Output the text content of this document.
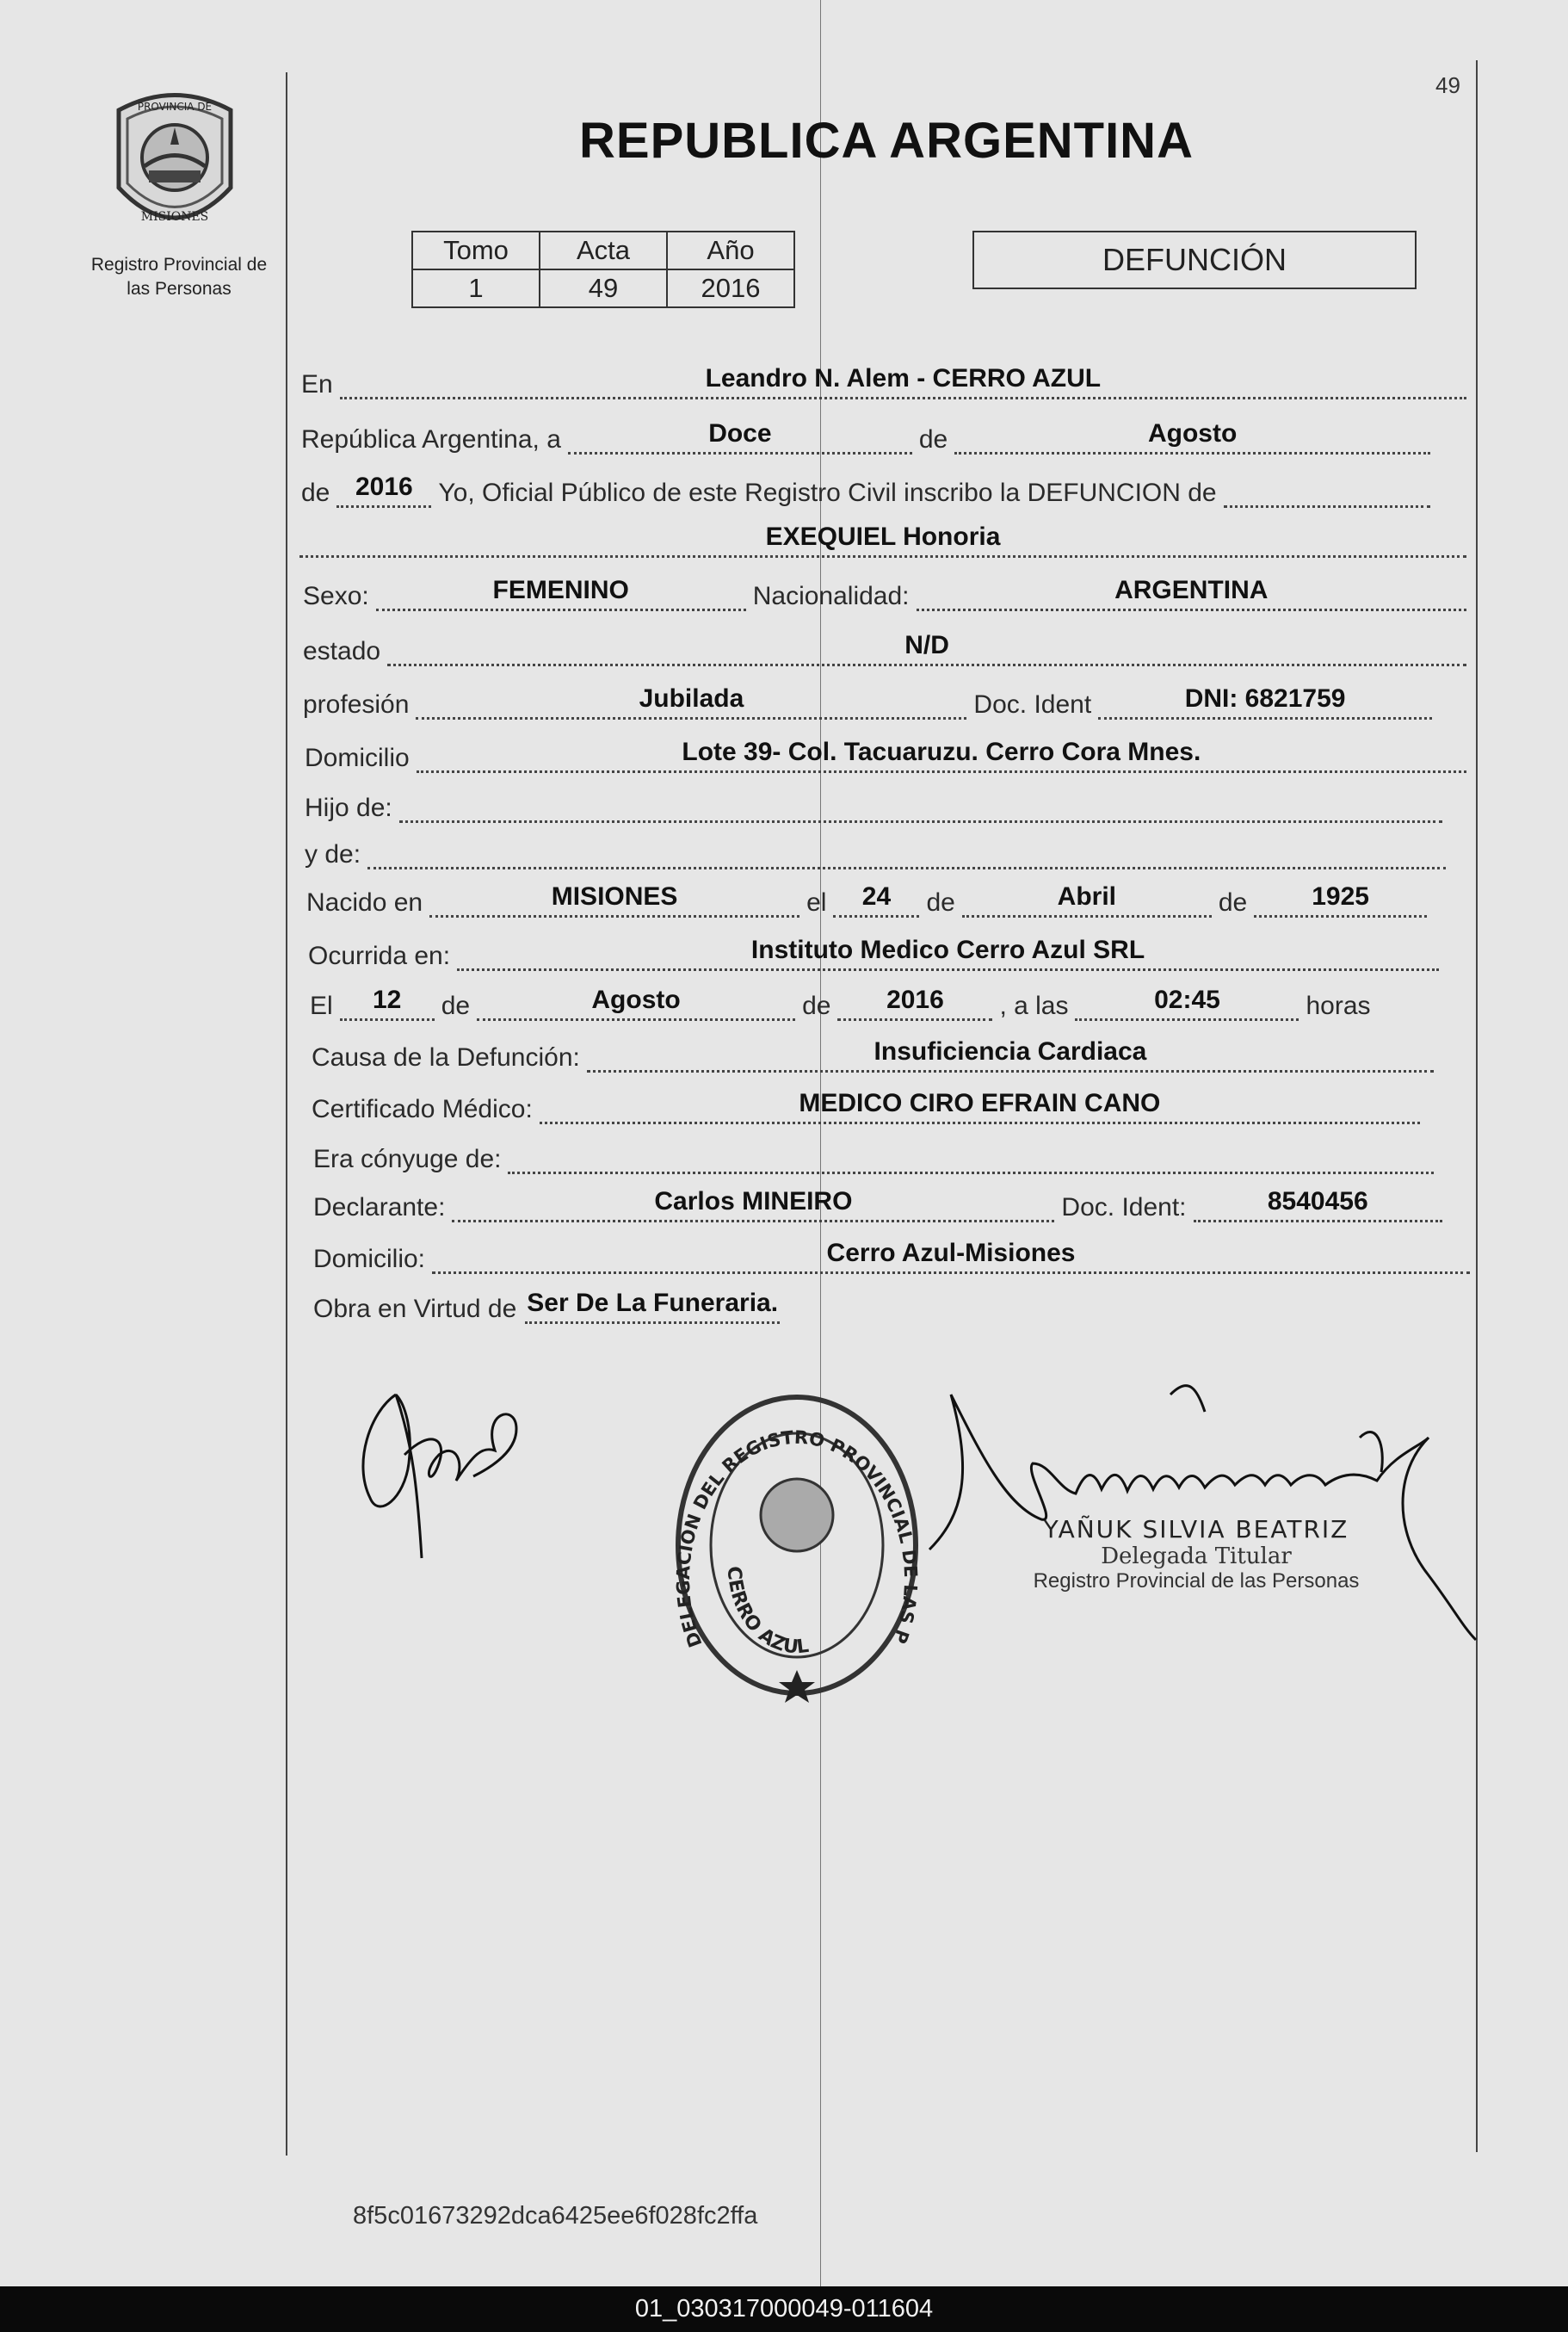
49
PROVINCIA DE
MISIONES
Registro Provincial de
las Personas
REPUBLICA ARGENTINA
Tomo	Acta	Año
1	49	2016
DEFUNCIÓN
En	Leandro N. Alem - CERRO AZUL
República Argentina, a	Doce	de	Agosto
de 2016 Yo, Oficial Público de este Registro Civil inscribo la DEFUNCION de
EXEQUIEL Honoria
Sexo:	FEMENINO	Nacionalidad:	ARGENTINA
estado	N/D
profesión	Jubilada	Doc. Ident	DNI: 6821759
Domicilio	Lote 39- Col. Tacuaruzu. Cerro Cora Mnes.
Hijo de:
y de:
Nacido en	MISIONES	el	24	de	Abril	de	1925
Ocurrida en:	Instituto Medico Cerro Azul SRL
El	12	de	Agosto	de	2016	, a las	02:45	horas
Causa de la Defunción:	Insuficiencia Cardiaca
Certificado Médico:	MEDICO CIRO EFRAIN CANO
Era cónyuge de:
Declarante:	Carlos MINEIRO	Doc. Ident:	8540456
Domicilio:	Cerro Azul-Misiones
Obra en Virtud de Ser De La Funeraria.
DELEGACION DEL REGISTRO PROVINCIAL DE LAS P
CERRO AZUL
YAÑUK SILVIA BEATRIZ
Delegada Titular
Registro Provincial de las Personas
8f5c01673292dca6425ee6f028fc2ffa
01_030317000049-011604
